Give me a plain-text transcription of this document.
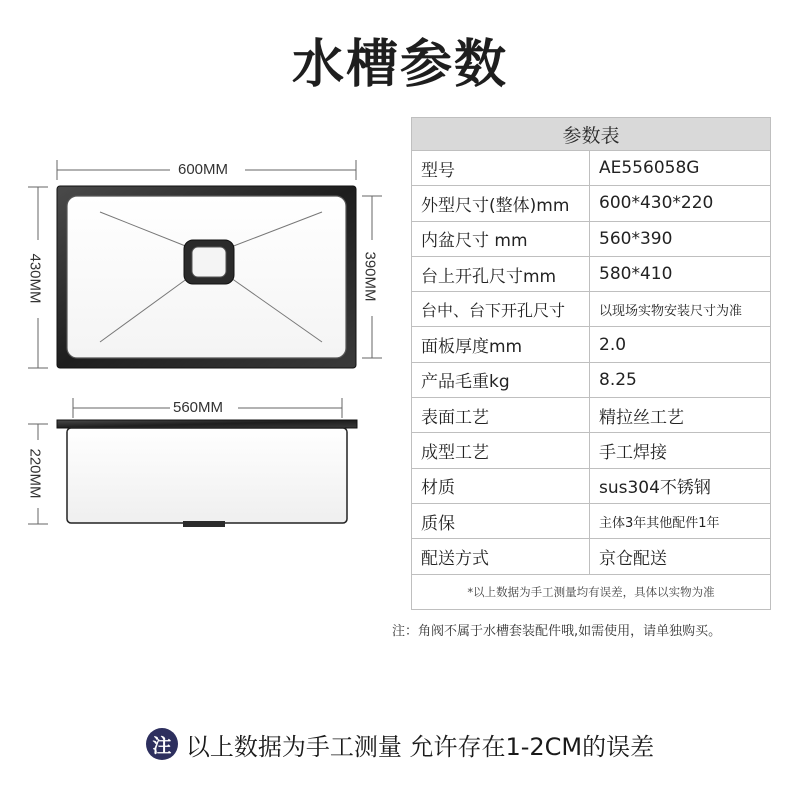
水槽参数
600MM
430MM	390MM
560MM
220MM
参数表
型号	AE556058G
外型尺寸(整体)mm	600*430*220
内盆尺寸 mm	560*390
台上开孔尺寸mm	580*410
台中、台下开孔尺寸	以现场实物安装尺寸为准
面板厚度mm	2.0
产品毛重kg	8.25
表面工艺	精拉丝工艺
成型工艺	手工焊接
材质	sus304不锈钢
质保	主体3年其他配件1年
配送方式	京仓配送
*以上数据为手工测量均有误差，具体以实物为准
注：角阀不属于水槽套装配件哦,如需使用，请单独购买。
注 以上数据为手工测量 允许存在1-2CM的误差
